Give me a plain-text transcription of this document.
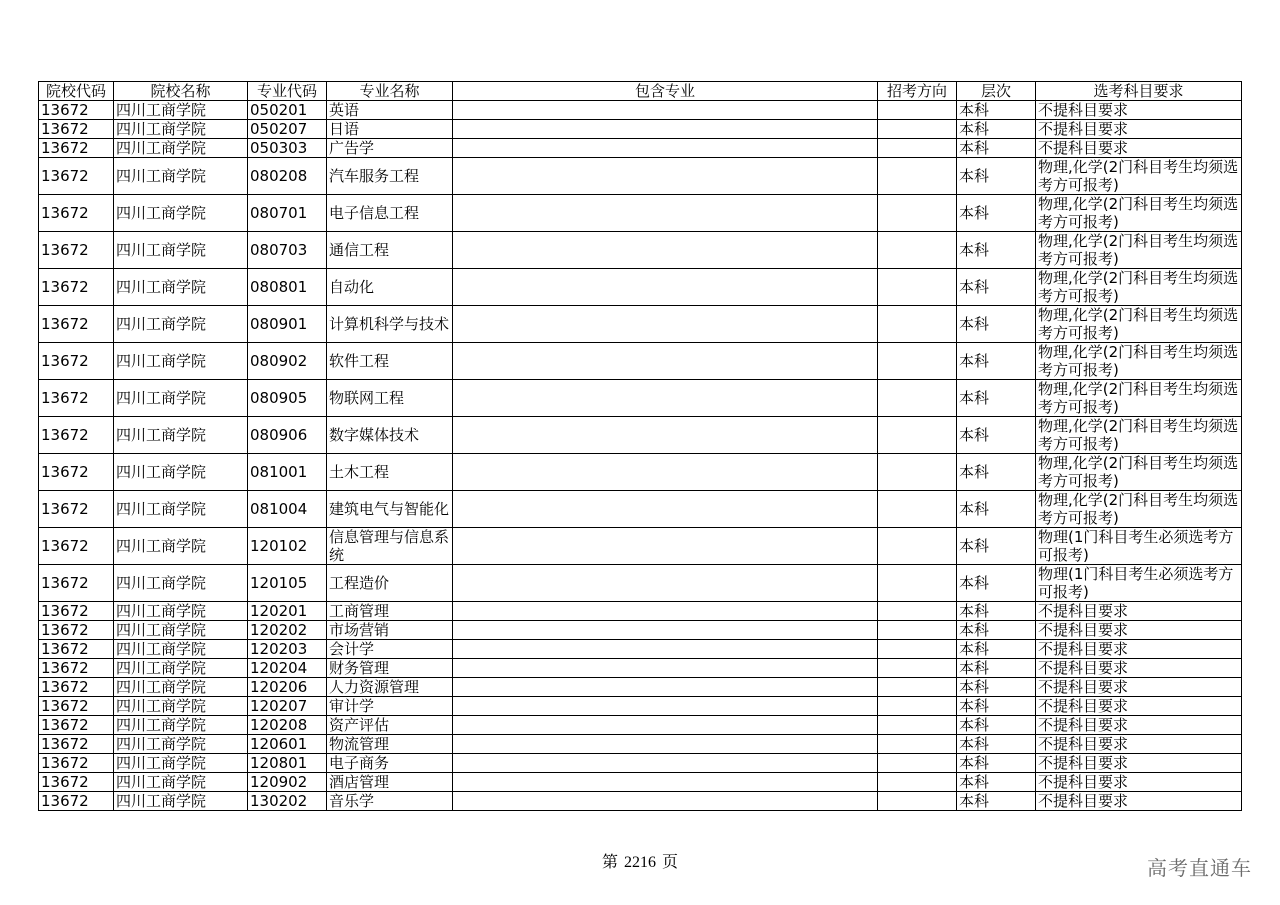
院校代码	院校名称	专业代码	专业名称	包含专业	招考方向	层次	选考科目要求
13672	四川工商学院	050201	英语			本科	不提科目要求
13672	四川工商学院	050207	日语			本科	不提科目要求
13672	四川工商学院	050303	广告学			本科	不提科目要求
13672	四川工商学院	080208	汽车服务工程			本科	物理,化学(2门科目考生均须选考方可报考)
13672	四川工商学院	080701	电子信息工程			本科	物理,化学(2门科目考生均须选考方可报考)
13672	四川工商学院	080703	通信工程			本科	物理,化学(2门科目考生均须选考方可报考)
13672	四川工商学院	080801	自动化			本科	物理,化学(2门科目考生均须选考方可报考)
13672	四川工商学院	080901	计算机科学与技术			本科	物理,化学(2门科目考生均须选考方可报考)
13672	四川工商学院	080902	软件工程			本科	物理,化学(2门科目考生均须选考方可报考)
13672	四川工商学院	080905	物联网工程			本科	物理,化学(2门科目考生均须选考方可报考)
13672	四川工商学院	080906	数字媒体技术			本科	物理,化学(2门科目考生均须选考方可报考)
13672	四川工商学院	081001	土木工程			本科	物理,化学(2门科目考生均须选考方可报考)
13672	四川工商学院	081004	建筑电气与智能化			本科	物理,化学(2门科目考生均须选考方可报考)
13672	四川工商学院	120102	信息管理与信息系统			本科	物理(1门科目考生必须选考方可报考)
13672	四川工商学院	120105	工程造价			本科	物理(1门科目考生必须选考方可报考)
13672	四川工商学院	120201	工商管理			本科	不提科目要求
13672	四川工商学院	120202	市场营销			本科	不提科目要求
13672	四川工商学院	120203	会计学			本科	不提科目要求
13672	四川工商学院	120204	财务管理			本科	不提科目要求
13672	四川工商学院	120206	人力资源管理			本科	不提科目要求
13672	四川工商学院	120207	审计学			本科	不提科目要求
13672	四川工商学院	120208	资产评估			本科	不提科目要求
13672	四川工商学院	120601	物流管理			本科	不提科目要求
13672	四川工商学院	120801	电子商务			本科	不提科目要求
13672	四川工商学院	120902	酒店管理			本科	不提科目要求
13672	四川工商学院	130202	音乐学			本科	不提科目要求
第 2216 页	高考直通车
